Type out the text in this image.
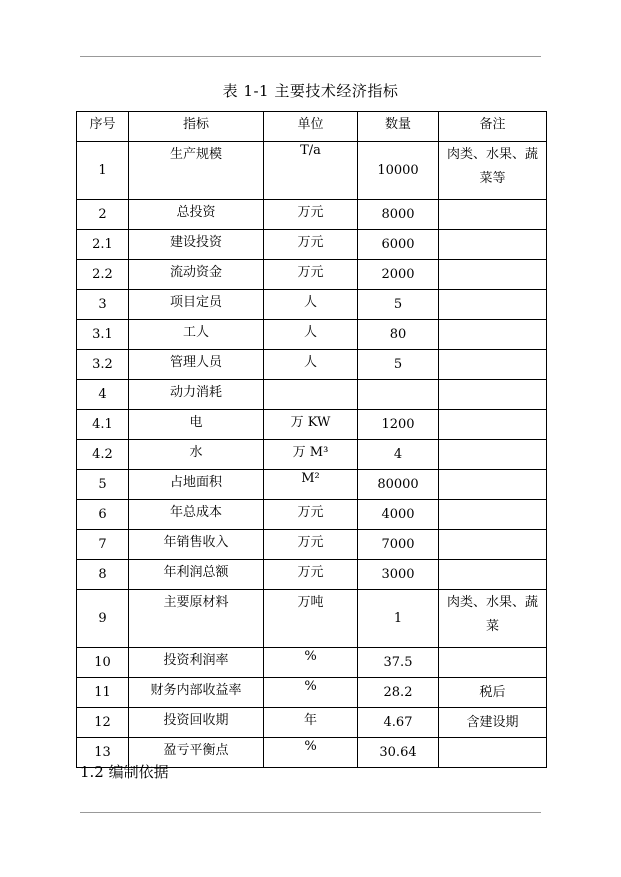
表 1-1 主要技术经济指标
序号	指标	单位	数量	备注
1	生产规模	T/a	10000	肉类、水果、蔬菜等
2	总投资	万元	8000	
2.1	建设投资	万元	6000	
2.2	流动资金	万元	2000	
3	项目定员	人	5	
3.1	工人	人	80	
3.2	管理人员	人	5	
4	动力消耗			
4.1	电	万 KW	1200	
4.2	水	万 M³	4	
5	占地面积	M²	80000	
6	年总成本	万元	4000	
7	年销售收入	万元	7000	
8	年利润总额	万元	3000	
9	主要原材料	万吨	1	肉类、水果、蔬菜
10	投资利润率	%	37.5	
11	财务内部收益率	%	28.2	税后
12	投资回收期	年	4.67	含建设期
13	盈亏平衡点	%	30.64	
1.2 编制依据
